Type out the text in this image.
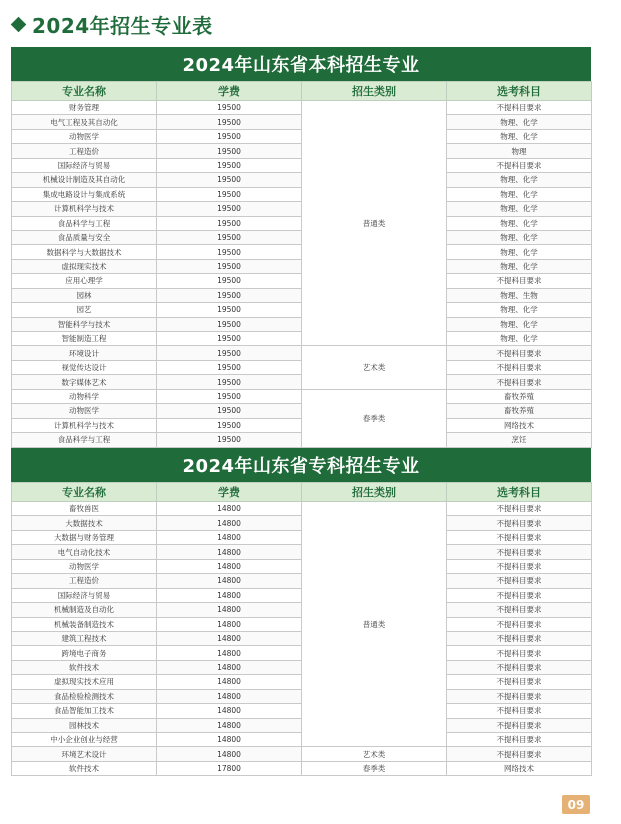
2024年招生专业表
2024年山东省本科招生专业
专业名称	学费	招生类别	选考科目
财务管理	19500	普通类	不提科目要求
电气工程及其自动化	19500		物理、化学
动物医学	19500		物理、化学
工程造价	19500		物理
国际经济与贸易	19500		不提科目要求
机械设计制造及其自动化	19500		物理、化学
集成电路设计与集成系统	19500		物理、化学
计算机科学与技术	19500		物理、化学
食品科学与工程	19500		物理、化学
食品质量与安全	19500		物理、化学
数据科学与大数据技术	19500		物理、化学
虚拟现实技术	19500		物理、化学
应用心理学	19500		不提科目要求
园林	19500		物理、生物
园艺	19500		物理、化学
智能科学与技术	19500		物理、化学
智能制造工程	19500		物理、化学
环境设计	19500	艺术类	不提科目要求
视觉传达设计	19500		不提科目要求
数字媒体艺术	19500		不提科目要求
动物科学	19500	春季类	畜牧养殖
动物医学	19500		畜牧养殖
计算机科学与技术	19500		网络技术
食品科学与工程	19500		烹饪
2024年山东省专科招生专业
专业名称	学费	招生类别	选考科目
畜牧兽医	14800	普通类	不提科目要求
大数据技术	14800		不提科目要求
大数据与财务管理	14800		不提科目要求
电气自动化技术	14800		不提科目要求
动物医学	14800		不提科目要求
工程造价	14800		不提科目要求
国际经济与贸易	14800		不提科目要求
机械制造及自动化	14800		不提科目要求
机械装备制造技术	14800		不提科目要求
建筑工程技术	14800		不提科目要求
跨境电子商务	14800		不提科目要求
软件技术	14800		不提科目要求
虚拟现实技术应用	14800		不提科目要求
食品检验检测技术	14800		不提科目要求
食品智能加工技术	14800		不提科目要求
园林技术	14800		不提科目要求
中小企业创业与经营	14800		不提科目要求
环境艺术设计	14800	艺术类	不提科目要求
软件技术	17800	春季类	网络技术
09
